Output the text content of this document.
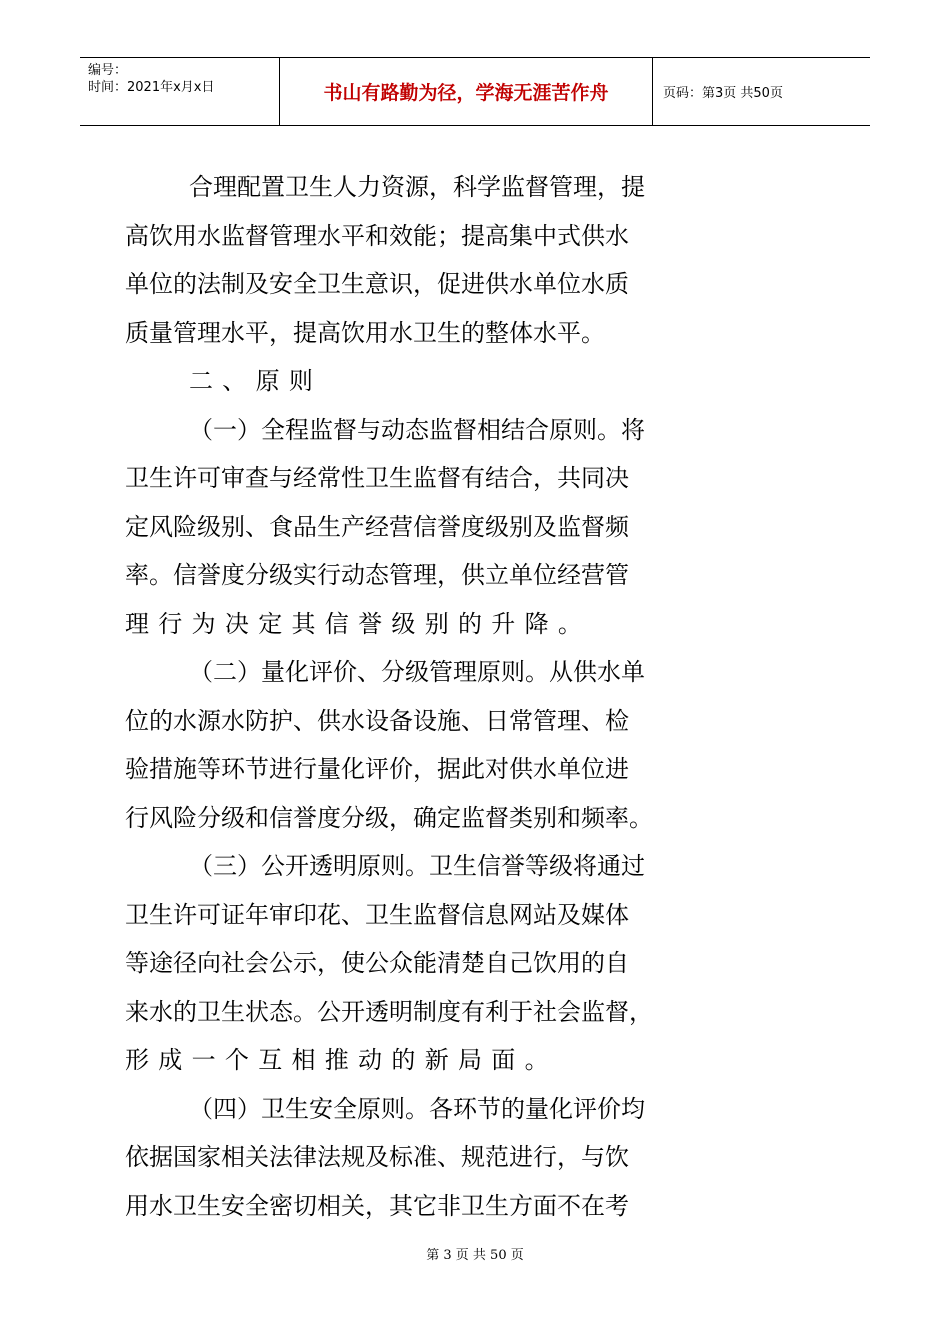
编号：
时间：2021年x月x日	书山有路勤为径，学海无涯苦作舟	页码：第3页 共50页
合理配置卫生人力资源，科学监督管理，提
高饮用水监督管理水平和效能；提高集中式供水
单位的法制及安全卫生意识，促进供水单位水质
质量管理水平，提高饮用水卫生的整体水平。
二、原则
（一）全程监督与动态监督相结合原则。将
卫生许可审查与经常性卫生监督有结合，共同决
定风险级别、食品生产经营信誉度级别及监督频
率。信誉度分级实行动态管理，供立单位经营管
理行为决定其信誉级别的升降。
（二）量化评价、分级管理原则。从供水单
位的水源水防护、供水设备设施、日常管理、检
验措施等环节进行量化评价，据此对供水单位进
行风险分级和信誉度分级，确定监督类别和频率。
（三）公开透明原则。卫生信誉等级将通过
卫生许可证年审印花、卫生监督信息网站及媒体
等途径向社会公示，使公众能清楚自己饮用的自
来水的卫生状态。公开透明制度有利于社会监督，
形成一个互相推动的新局面。
（四）卫生安全原则。各环节的量化评价均
依据国家相关法律法规及标准、规范进行，与饮
用水卫生安全密切相关，其它非卫生方面不在考
第 3 页 共 50 页
